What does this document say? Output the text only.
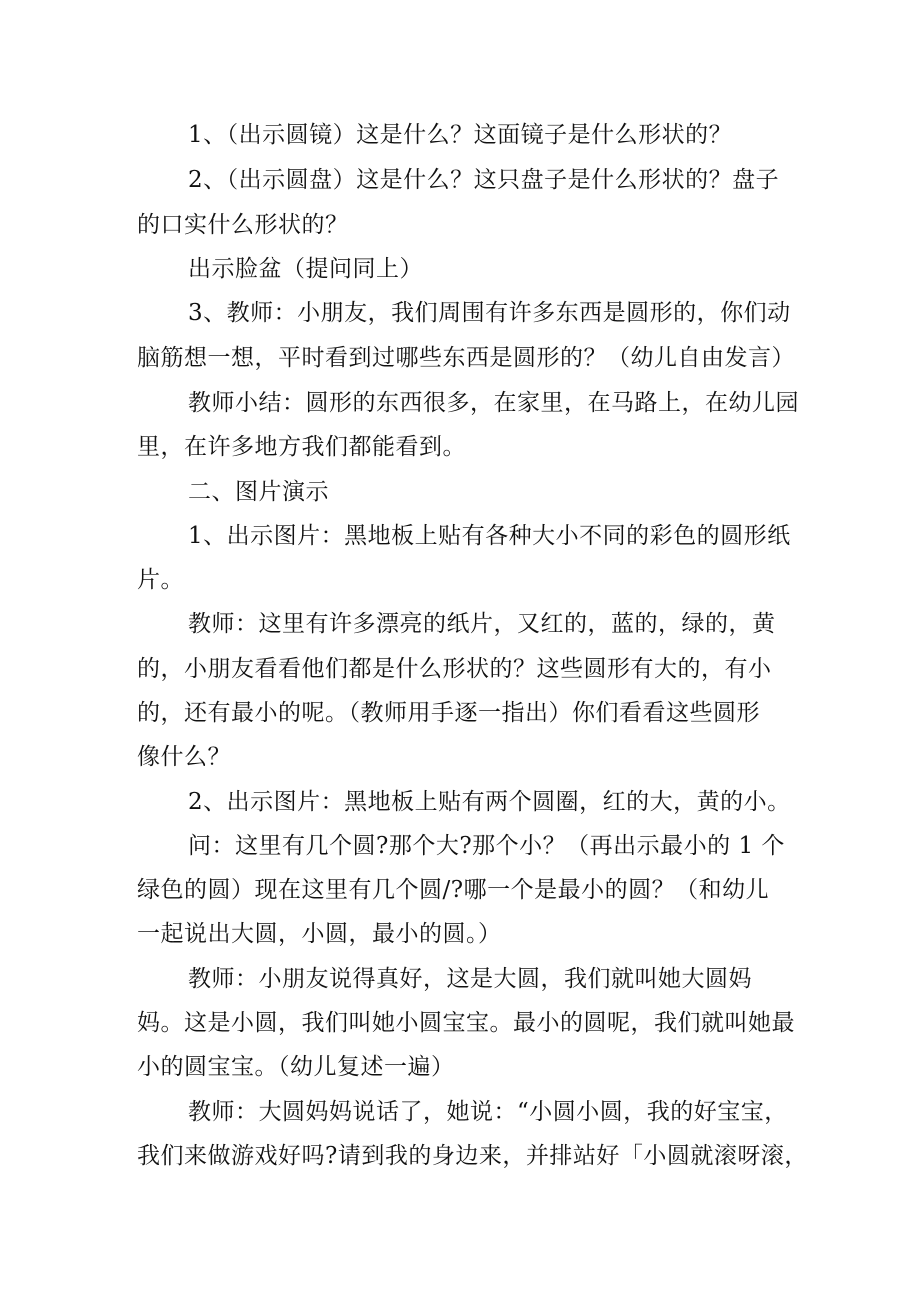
1、（出示圆镜）这是什么？这面镜子是什么形状的？
2、（出示圆盘）这是什么？这只盘子是什么形状的？盘子
的口实什么形状的？
出示脸盆（提问同上）
3、教师：小朋友，我们周围有许多东西是圆形的，你们动
脑筋想一想，平时看到过哪些东西是圆形的？（幼儿自由发言）
教师小结：圆形的东西很多，在家里，在马路上，在幼儿园
里，在许多地方我们都能看到。
二、图片演示
1、出示图片：黑地板上贴有各种大小不同的彩色的圆形纸
片。
教师：这里有许多漂亮的纸片，又红的，蓝的，绿的，黄
的，小朋友看看他们都是什么形状的？这些圆形有大的，有小
的，还有最小的呢。（教师用手逐一指出）你们看看这些圆形
像什么？
2、出示图片：黑地板上贴有两个圆圈，红的大，黄的小。
问：这里有几个圆?那个大?那个小？（再出示最小的 1 个
绿色的圆）现在这里有几个圆/?哪一个是最小的圆？（和幼儿
一起说出大圆，小圆，最小的圆。）
教师：小朋友说得真好，这是大圆，我们就叫她大圆妈
妈。这是小圆，我们叫她小圆宝宝。最小的圆呢，我们就叫她最
小的圆宝宝。（幼儿复述一遍）
教师：大圆妈妈说话了，她说：“小圆小圆，我的好宝宝，
我们来做游戏好吗?请到我的身边来，并排站好「小圆就滚呀滚，
